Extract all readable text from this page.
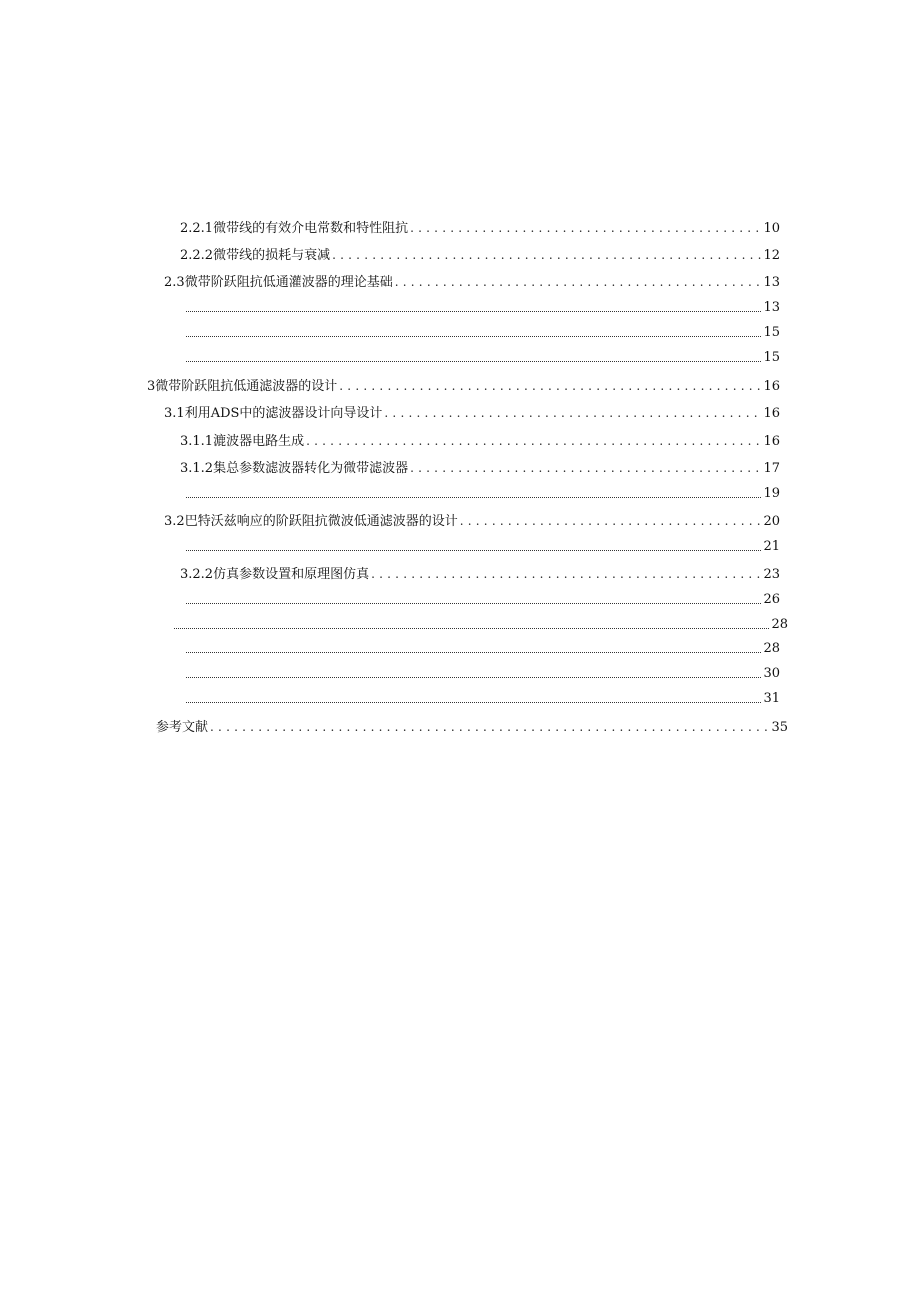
2.2.1 微带线的有效介电常数和特性阻抗 . . .	10
2.2.2 微带线的损耗与衰减 . . .	12
2.3 微带阶跃阻抗低通灌波器的理论基础 . . .	13
13
15
15
3微带阶跃阻抗低通滤波器的设计 . . .	16
3.1 利用ADS中的滤波器设计向导设计 . . .	16
3.1.1 漉波器电路生成 . . .	16
3.1.2 集总参数滤波器转化为微带滤波器 . . .	17
19
3.2 巴特沃兹响应的阶跃阻抗微波低通滤波器的设计 . . .	20
21
3.2.2仿真参数设置和原理图仿真 . . .	23
26
28
28
30
31
参考文献 . . .	35
